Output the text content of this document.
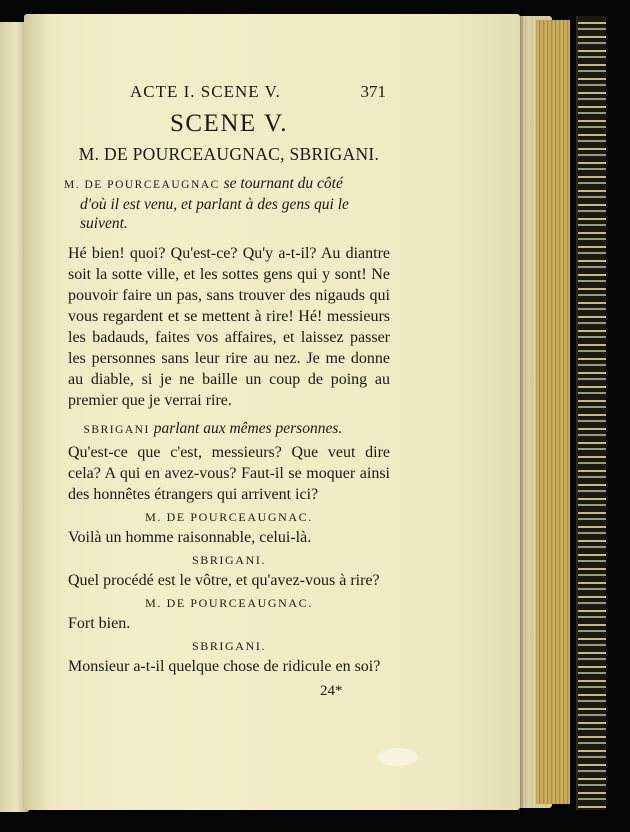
ACTE I. SCENE V.	371
SCENE V.
M. DE POURCEAUGNAC, SBRIGANI.
M. DE POURCEAUGNAC se tournant du côté
d'où il est venu, et parlant à des gens qui le
suivent.
Hé bien! quoi? Qu'est-ce? Qu'y a-t-il? Au diantre soit la sotte ville, et les sottes gens qui y sont! Ne pouvoir faire un pas, sans trouver des nigauds qui vous regardent et se mettent à rire! Hé! messieurs les badauds, faites vos affaires, et laissez passer les personnes sans leur rire au nez. Je me donne au diable, si je ne baille un coup de poing au premier que je verrai rire.
SBRIGANI parlant aux mêmes personnes.
Qu'est-ce que c'est, messieurs? Que veut dire cela? A qui en avez-vous? Faut-il se moquer ainsi des honnêtes étrangers qui arrivent ici?
M. DE POURCEAUGNAC.
Voilà un homme raisonnable, celui-là.
SBRIGANI.
Quel procédé est le vôtre, et qu'avez-vous à rire?
M. DE POURCEAUGNAC.
Fort bien.
SBRIGANI.
Monsieur a-t-il quelque chose de ridicule en soi?
24*
